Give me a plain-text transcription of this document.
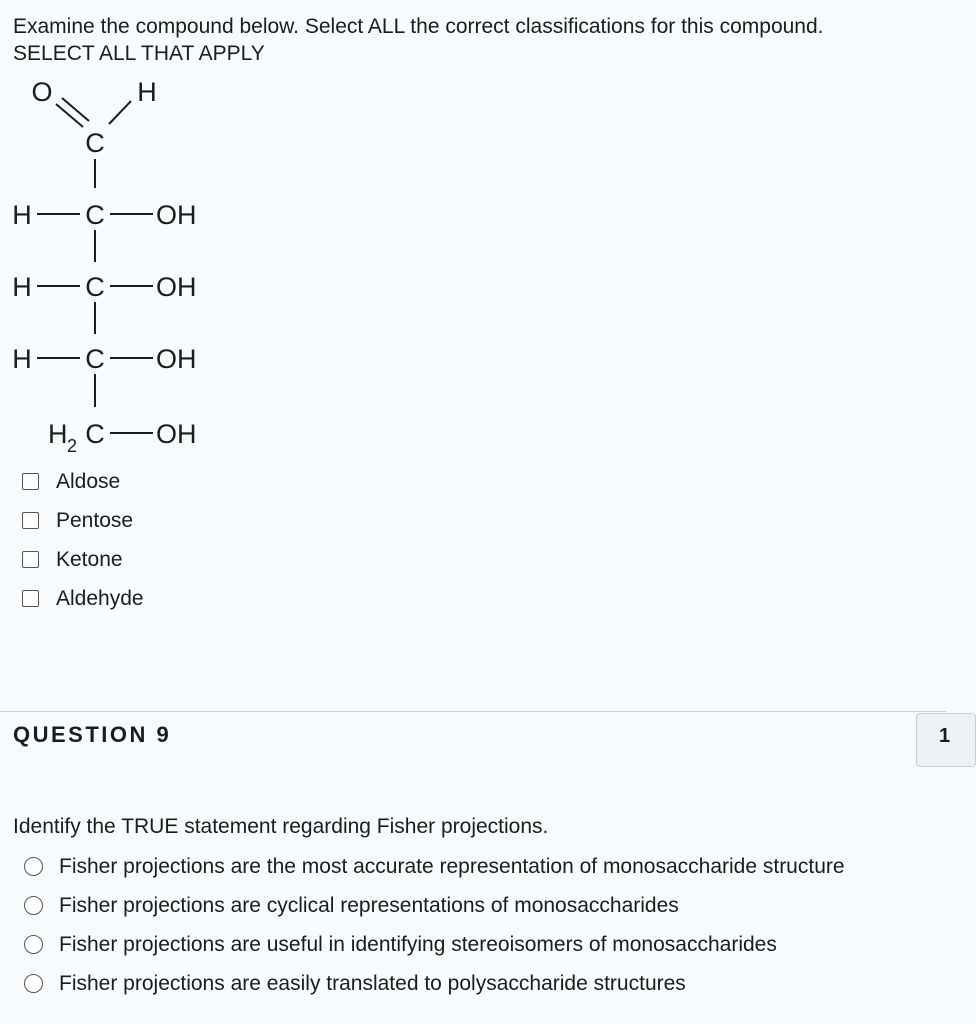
Examine the compound below. Select ALL the correct classifications for this compound.
SELECT ALL THAT APPLY
O	H
C
H C OH
H C OH
H C OH
H 2 C OH
Aldose
Pentose
Ketone
Aldehyde
QUESTION 9	1
Identify the TRUE statement regarding Fisher projections.
Fisher projections are the most accurate representation of monosaccharide structure
Fisher projections are cyclical representations of monosaccharides
Fisher projections are useful in identifying stereoisomers of monosaccharides
Fisher projections are easily translated to polysaccharide structures
